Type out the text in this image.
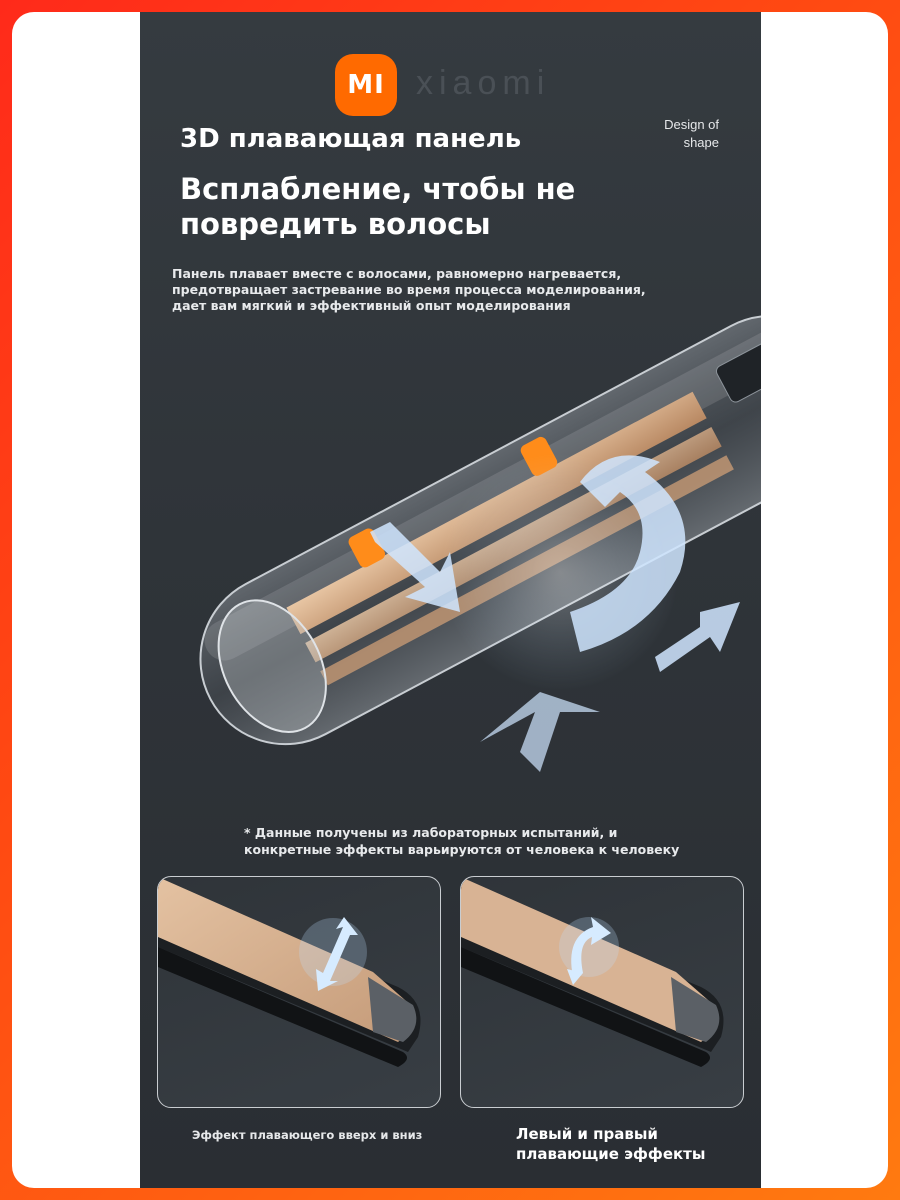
MI xiaomi
Design of
shape
3D плавающая панель
Всплабление, чтобы не повредить волосы
Панель плавает вместе с волосами, равномерно нагревается,
предотвращает застревание во время процесса моделирования,
дает вам мягкий и эффективный опыт моделирования
* Данные получены из лабораторных испытаний, и
конкретные эффекты варьируются от человека к человеку
Эффект плавающего вверх и вниз	Левый и правый
плавающие эффекты
